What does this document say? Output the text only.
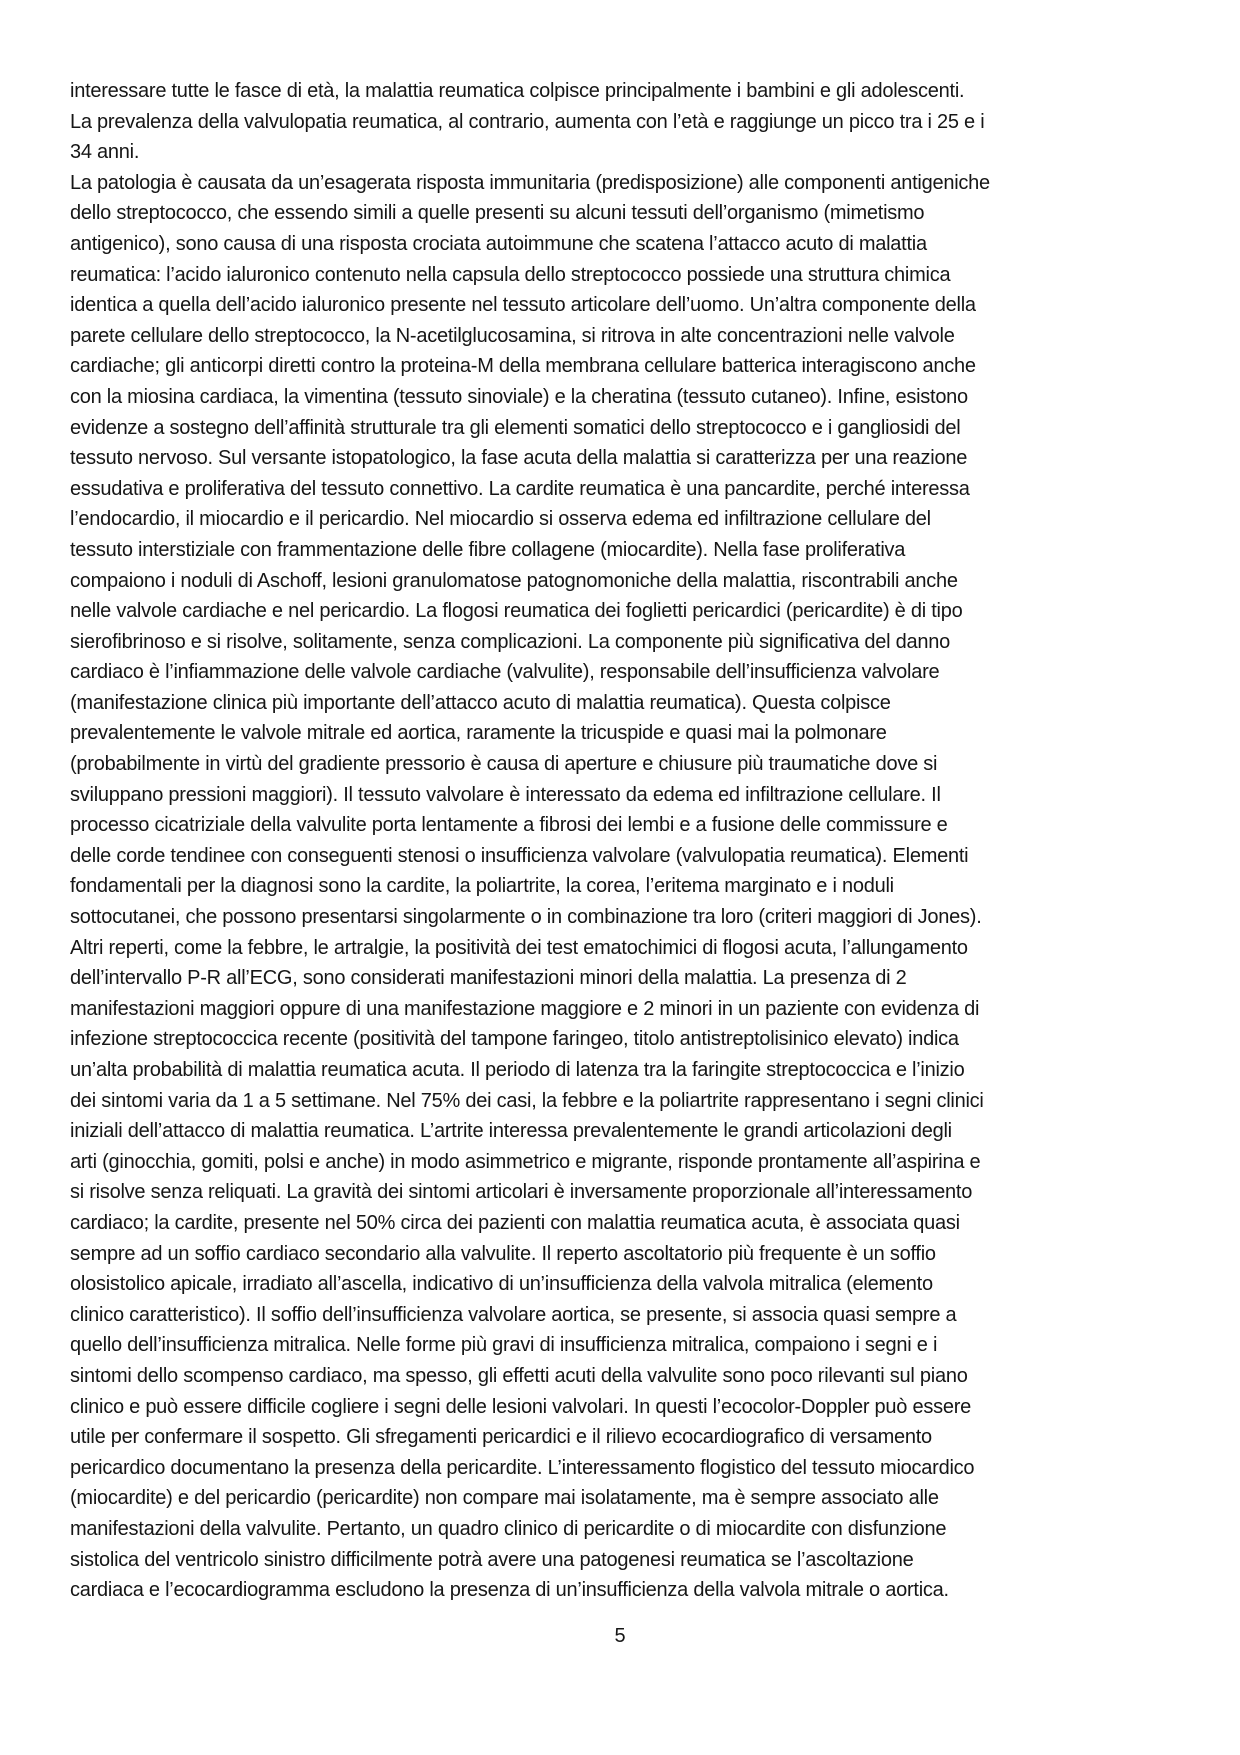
interessare tutte le fasce di età, la malattia reumatica colpisce principalmente i bambini e gli adolescenti.
La prevalenza della valvulopatia reumatica, al contrario, aumenta con l’età e raggiunge un picco tra i 25 e i
34 anni.
La patologia è causata da un’esagerata risposta immunitaria (predisposizione) alle componenti antigeniche
dello streptococco, che essendo simili a quelle presenti su alcuni tessuti dell’organismo (mimetismo
antigenico), sono causa di una risposta crociata autoimmune che scatena l’attacco acuto di malattia
reumatica: l’acido ialuronico contenuto nella capsula dello streptococco possiede una struttura chimica
identica a quella dell’acido ialuronico presente nel tessuto articolare dell’uomo. Un’altra componente della
parete cellulare dello streptococco, la N-acetilglucosamina, si ritrova in alte concentrazioni nelle valvole
cardiache; gli anticorpi diretti contro la proteina-M della membrana cellulare batterica interagiscono anche
con la miosina cardiaca, la vimentina (tessuto sinoviale) e la cheratina (tessuto cutaneo). Infine, esistono
evidenze a sostegno dell’affinità strutturale tra gli elementi somatici dello streptococco e i gangliosidi del
tessuto nervoso. Sul versante istopatologico, la fase acuta della malattia si caratterizza per una reazione
essudativa e proliferativa del tessuto connettivo. La cardite reumatica è una pancardite, perché interessa
l’endocardio, il miocardio e il pericardio. Nel miocardio si osserva edema ed infiltrazione cellulare del
tessuto interstiziale con frammentazione delle fibre collagene (miocardite). Nella fase proliferativa
compaiono i noduli di Aschoff, lesioni granulomatose patognomoniche della malattia, riscontrabili anche
nelle valvole cardiache e nel pericardio. La flogosi reumatica dei foglietti pericardici (pericardite) è di tipo
sierofibrinoso e si risolve, solitamente, senza complicazioni. La componente più significativa del danno
cardiaco è l’infiammazione delle valvole cardiache (valvulite), responsabile dell’insufficienza valvolare
(manifestazione clinica più importante dell’attacco acuto di malattia reumatica). Questa colpisce
prevalentemente le valvole mitrale ed aortica, raramente la tricuspide e quasi mai la polmonare
(probabilmente in virtù del gradiente pressorio è causa di aperture e chiusure più traumatiche dove si
sviluppano pressioni maggiori). Il tessuto valvolare è interessato da edema ed infiltrazione cellulare. Il
processo cicatriziale della valvulite porta lentamente a fibrosi dei lembi e a fusione delle commissure e
delle corde tendinee con conseguenti stenosi o insufficienza valvolare (valvulopatia reumatica). Elementi
fondamentali per la diagnosi sono la cardite, la poliartrite, la corea, l’eritema marginato e i noduli
sottocutanei, che possono presentarsi singolarmente o in combinazione tra loro (criteri maggiori di Jones).
Altri reperti, come la febbre, le artralgie, la positività dei test ematochimici di flogosi acuta, l’allungamento
dell’intervallo P-R all’ECG, sono considerati manifestazioni minori della malattia. La presenza di 2
manifestazioni maggiori oppure di una manifestazione maggiore e 2 minori in un paziente con evidenza di
infezione streptococcica recente (positività del tampone faringeo, titolo antistreptolisinico elevato) indica
un’alta probabilità di malattia reumatica acuta. Il periodo di latenza tra la faringite streptococcica e l’inizio
dei sintomi varia da 1 a 5 settimane. Nel 75% dei casi, la febbre e la poliartrite rappresentano i segni clinici
iniziali dell’attacco di malattia reumatica. L’artrite interessa prevalentemente le grandi articolazioni degli
arti (ginocchia, gomiti, polsi e anche) in modo asimmetrico e migrante, risponde prontamente all’aspirina e
si risolve senza reliquati. La gravità dei sintomi articolari è inversamente proporzionale all’interessamento
cardiaco; la cardite, presente nel 50% circa dei pazienti con malattia reumatica acuta, è associata quasi
sempre ad un soffio cardiaco secondario alla valvulite. Il reperto ascoltatorio più frequente è un soffio
olosistolico apicale, irradiato all’ascella, indicativo di un’insufficienza della valvola mitralica (elemento
clinico caratteristico). Il soffio dell’insufficienza valvolare aortica, se presente, si associa quasi sempre a
quello dell’insufficienza mitralica. Nelle forme più gravi di insufficienza mitralica, compaiono i segni e i
sintomi dello scompenso cardiaco, ma spesso, gli effetti acuti della valvulite sono poco rilevanti sul piano
clinico e può essere difficile cogliere i segni delle lesioni valvolari. In questi l’ecocolor-Doppler può essere
utile per confermare il sospetto. Gli sfregamenti pericardici e il rilievo ecocardiografico di versamento
pericardico documentano la presenza della pericardite. L’interessamento flogistico del tessuto miocardico
(miocardite) e del pericardio (pericardite) non compare mai isolatamente, ma è sempre associato alle
manifestazioni della valvulite. Pertanto, un quadro clinico di pericardite o di miocardite con disfunzione
sistolica del ventricolo sinistro difficilmente potrà avere una patogenesi reumatica se l’ascoltazione
cardiaca e l’ecocardiogramma escludono la presenza di un’insufficienza della valvola mitrale o aortica.
5
